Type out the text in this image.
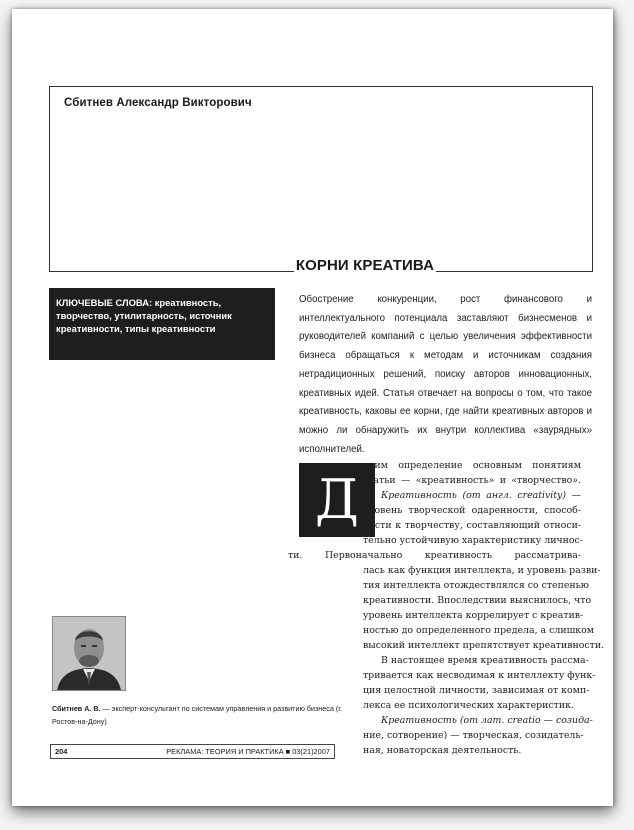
Сбитнев Александр Викторович
КОРНИ КРЕАТИВА
КЛЮЧЕВЫЕ СЛОВА: креативность, творчество, утилитарность, источник креативности, типы креативности
Обострение конкуренции, рост финансового и интеллектуального потенциала заставляют бизнесменов и руководителей компаний с целью увеличения эффективности бизнеса обращаться к методам и источникам создания нетрадиционных решений, поиску авторов инновационных, креативных идей. Статья отвечает на вопросы о том, что такое креативность, каковы ее корни, где найти креативных авторов и можно ли обнаружить их внутри коллектива «заурядных» исполнителей.
Д
адим определение основным понятиям
статьи — «креативность» и «творчество».
Креативность (от англ. creativity) —
уровень творческой одаренности, способ-
ности к творчеству, составляющий относи-
тельно устойчивую характеристику личнос-
ти. Первоначально креативность рассматрива-
лась как функция интеллекта, и уровень разви-
тия интеллекта отождествлялся со степенью
креативности. Впоследствии выяснилось, что
уровень интеллекта коррелирует с креатив-
ностью до определенного предела, а слишком
высокий интеллект препятствует креативности.
В настоящее время креативность рассма-
тривается как несводимая к интеллекту функ-
ция целостной личности, зависимая от комп-
лекса ее психологических характеристик.
Креативность (от лат. creatio — созида-
ние, сотворение) — творческая, созидатель-
ная, новаторская деятельность.
Сбитнев А. В. — эксперт-консультант по системам управления и развитию бизнеса (г. Ростов-на-Дону)
204	РЕКЛАМА: ТЕОРИЯ И ПРАКТИКА ■ 03(21)2007
